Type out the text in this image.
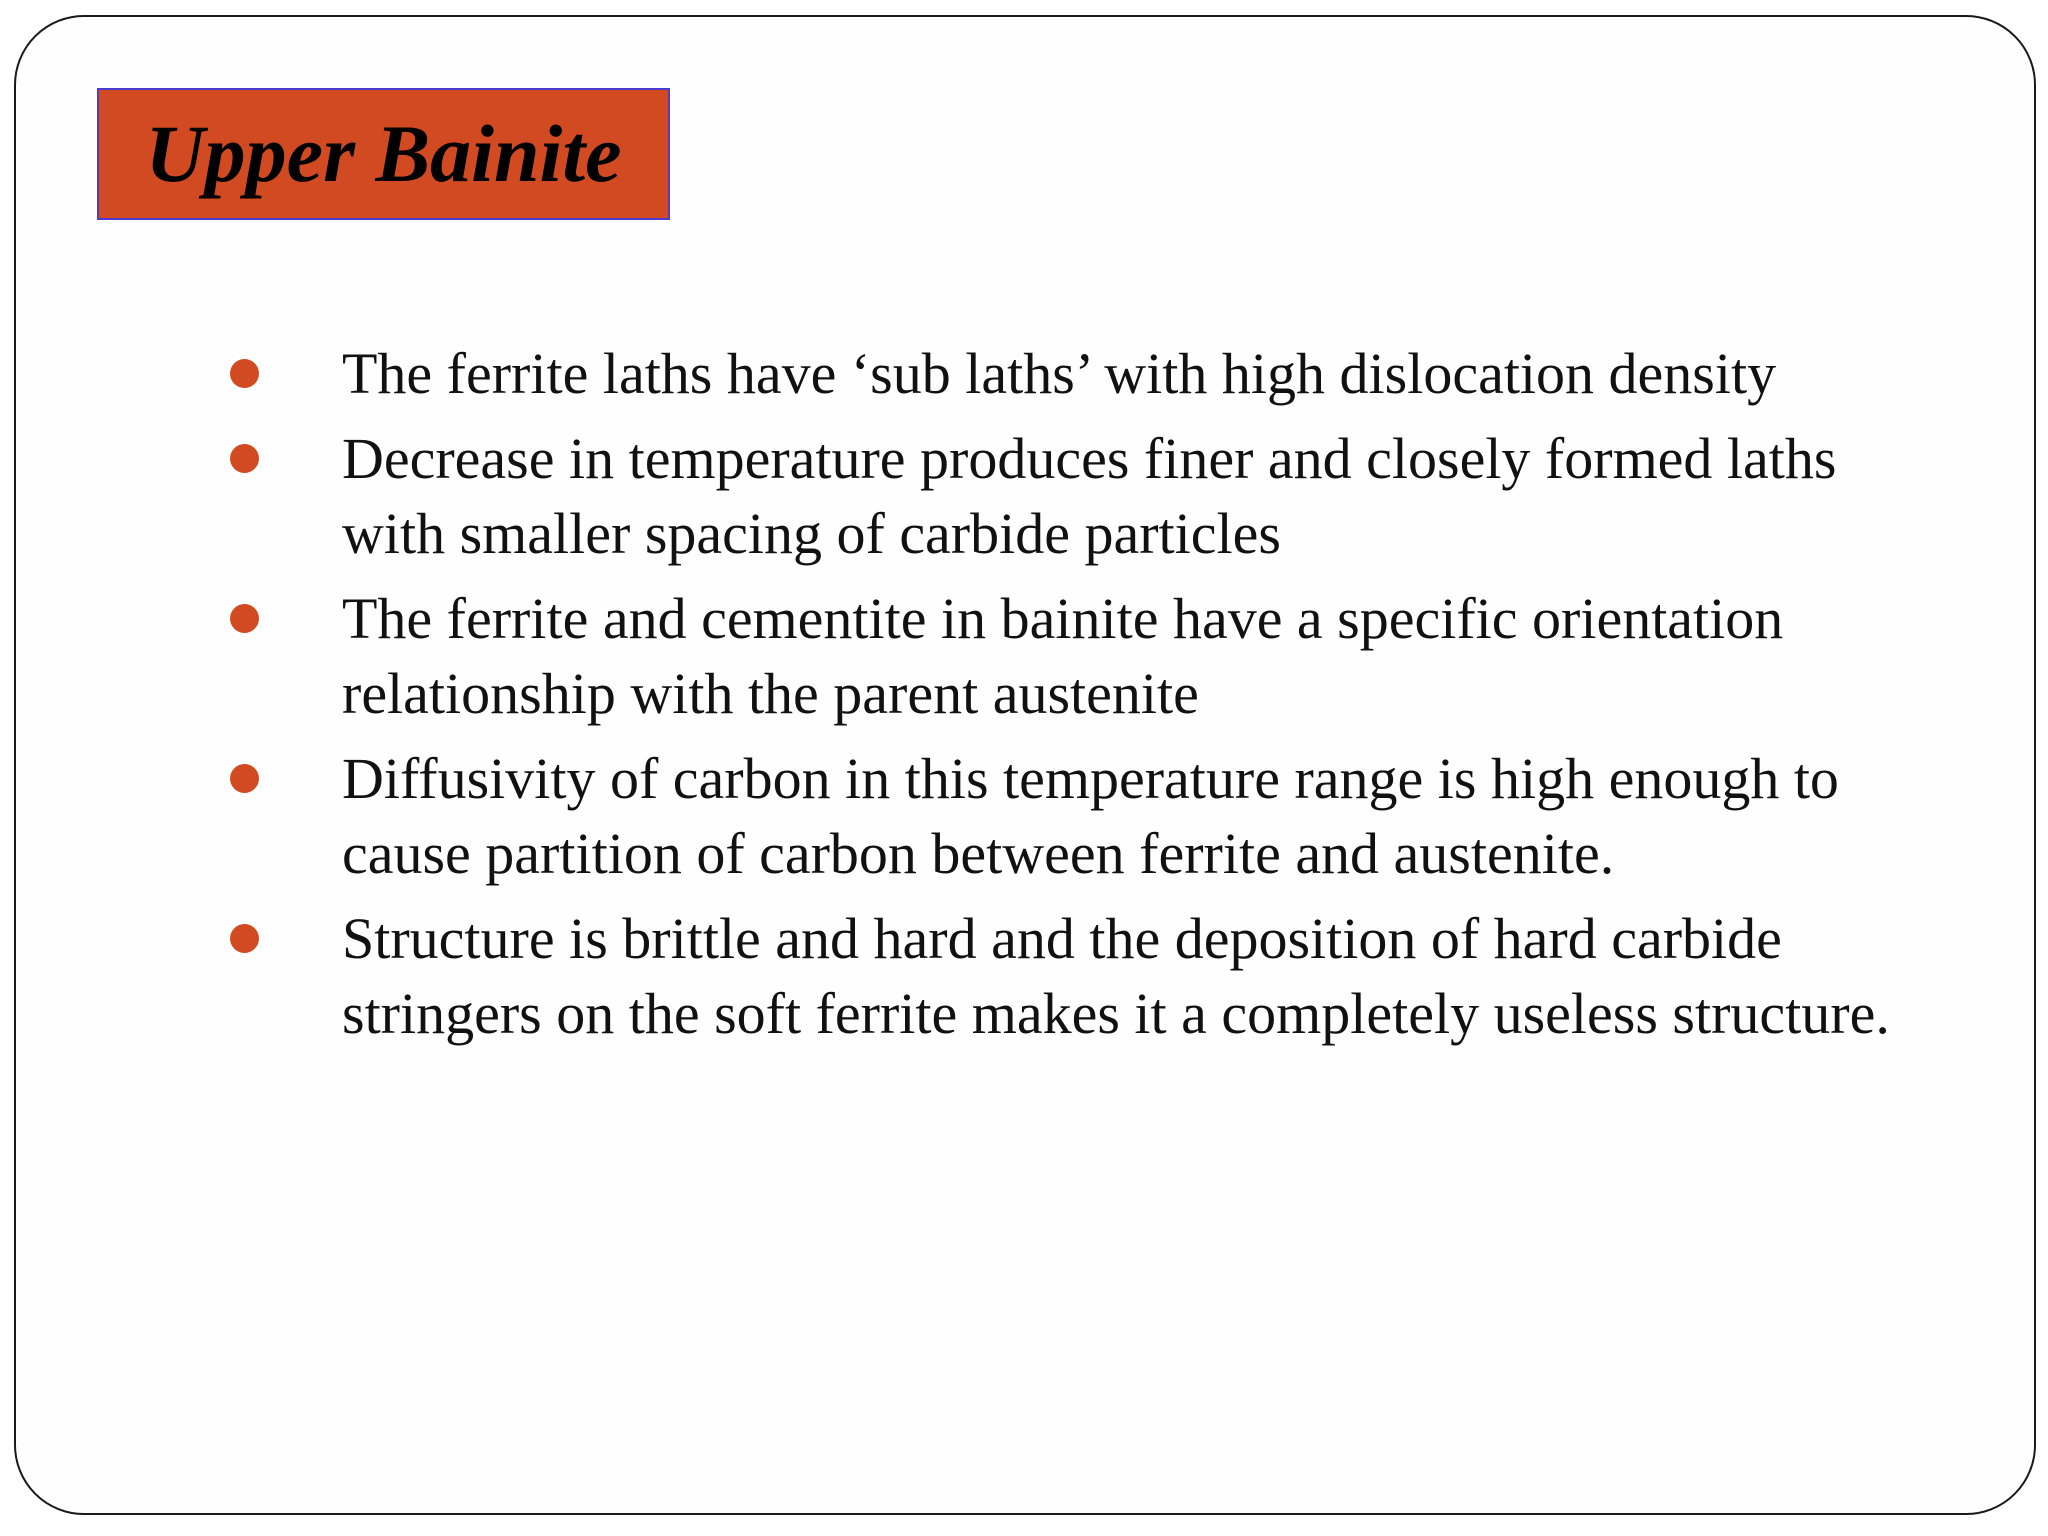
Upper Bainite
The ferrite laths have ‘sub laths’ with high dislocation density
Decrease in temperature produces finer and closely formed laths with smaller spacing of carbide particles
The ferrite and cementite in bainite have a specific orientation relationship with the parent austenite
Diffusivity of carbon in this temperature range is high enough to cause partition of carbon between ferrite and austenite.
Structure is brittle and hard and the deposition of hard carbide stringers on the soft ferrite makes it a completely useless structure.
